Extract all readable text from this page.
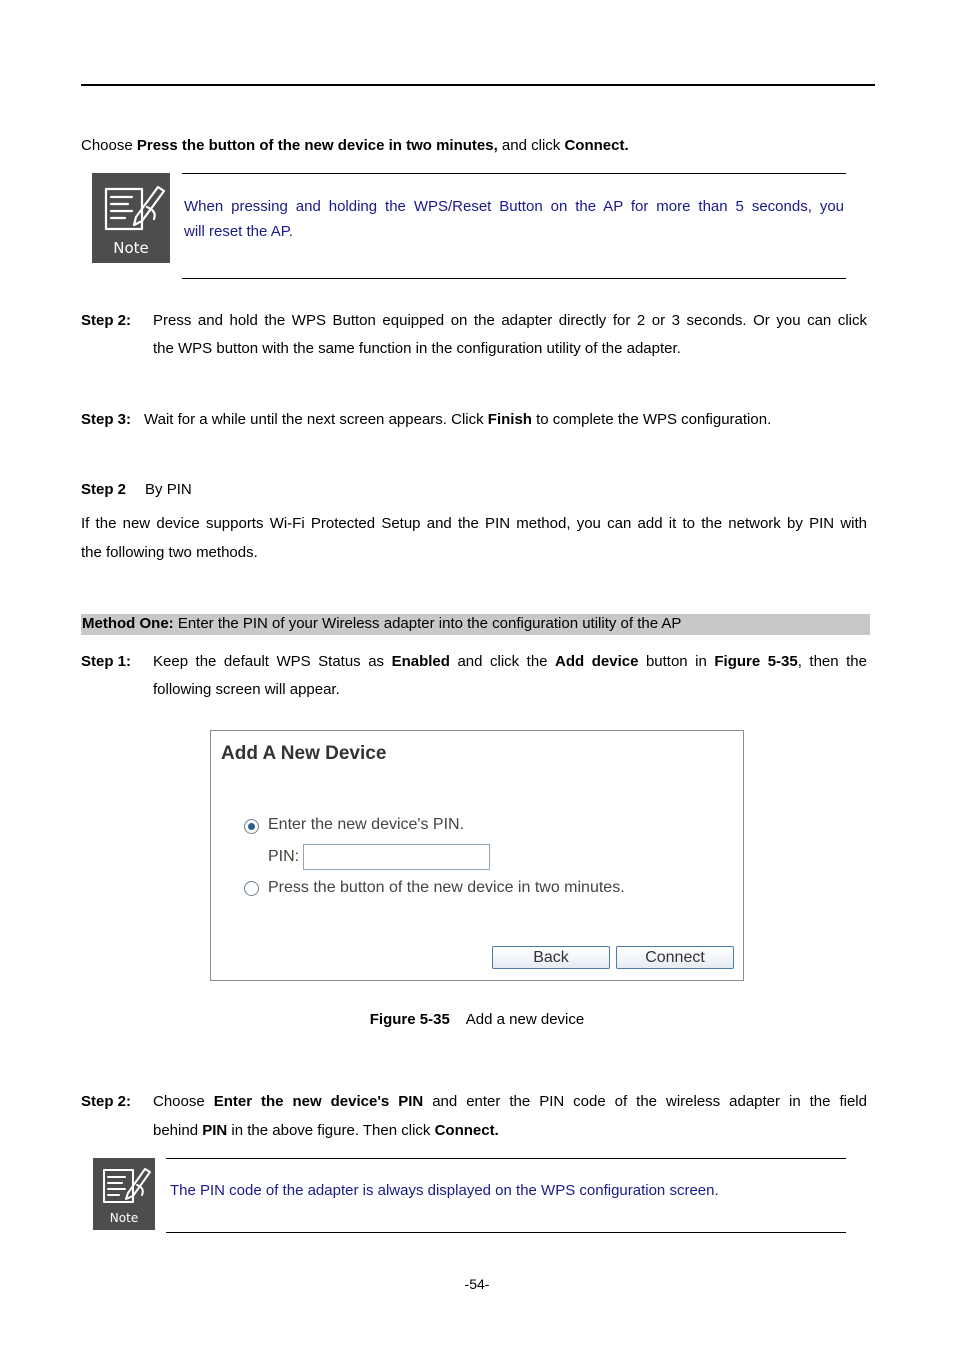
Choose Press the button of the new device in two minutes, and click Connect.
Note
When pressing and holding the WPS/Reset Button on the AP for more than 5 seconds, you
will reset the AP.
Step 2: Press and hold the WPS Button equipped on the adapter directly for 2 or 3 seconds. Or you can click
the WPS button with the same function in the configuration utility of the adapter.
Step 3: Wait for a while until the next screen appears. Click Finish to complete the WPS configuration.
Step 2 By PIN
If the new device supports Wi-Fi Protected Setup and the PIN method, you can add it to the network by PIN with
the following two methods.
Method One: Enter the PIN of your Wireless adapter into the configuration utility of the AP
Step 1: Keep the default WPS Status as Enabled and click the Add device button in Figure 5-35, then the
following screen will appear.
Add A New Device
Enter the new device's PIN.
PIN:
Press the button of the new device in two minutes.
Back	Connect
Figure 5-35 Add a new device
Step 2: Choose Enter the new device's PIN and enter the PIN code of the wireless adapter in the field
behind PIN in the above figure. Then click Connect.
Note
The PIN code of the adapter is always displayed on the WPS configuration screen.
-54-
